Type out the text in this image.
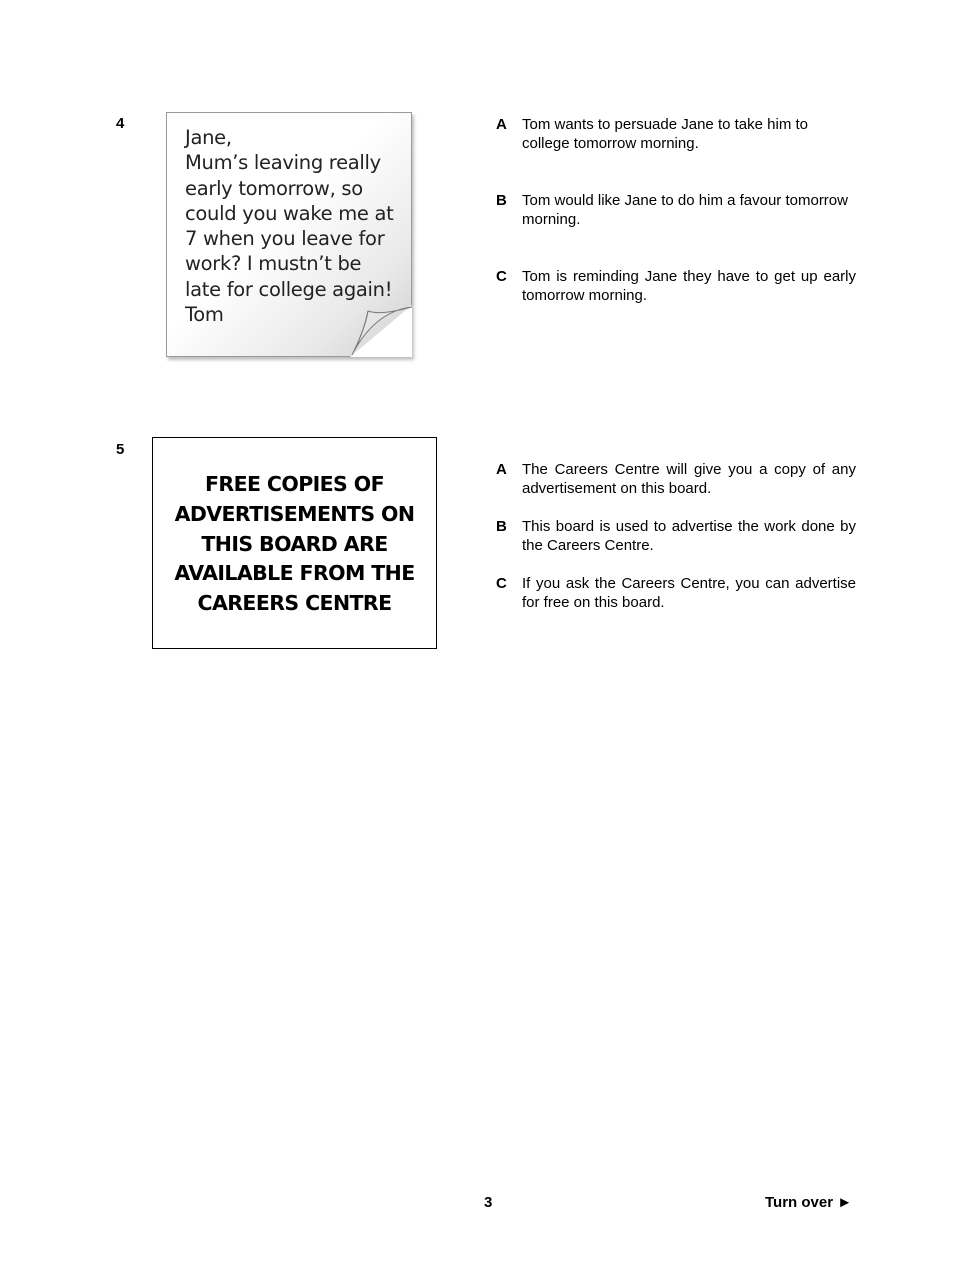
4
Jane,
Mum’s leaving really
early tomorrow, so
could you wake me at
7 when you leave for
work? I mustn’t be
late for college again!
Tom
A Tom wants to persuade Jane to take him to college tomorrow morning.
B Tom would like Jane to do him a favour tomorrow morning.
C Tom is reminding Jane they have to get up early tomorrow morning.
5
FREE COPIES OF
ADVERTISEMENTS ON
THIS BOARD ARE
AVAILABLE FROM THE
CAREERS CENTRE
A The Careers Centre will give you a copy of any advertisement on this board.
B This board is used to advertise the work done by the Careers Centre.
C If you ask the Careers Centre, you can advertise for free on this board.
3	Turn over ►
